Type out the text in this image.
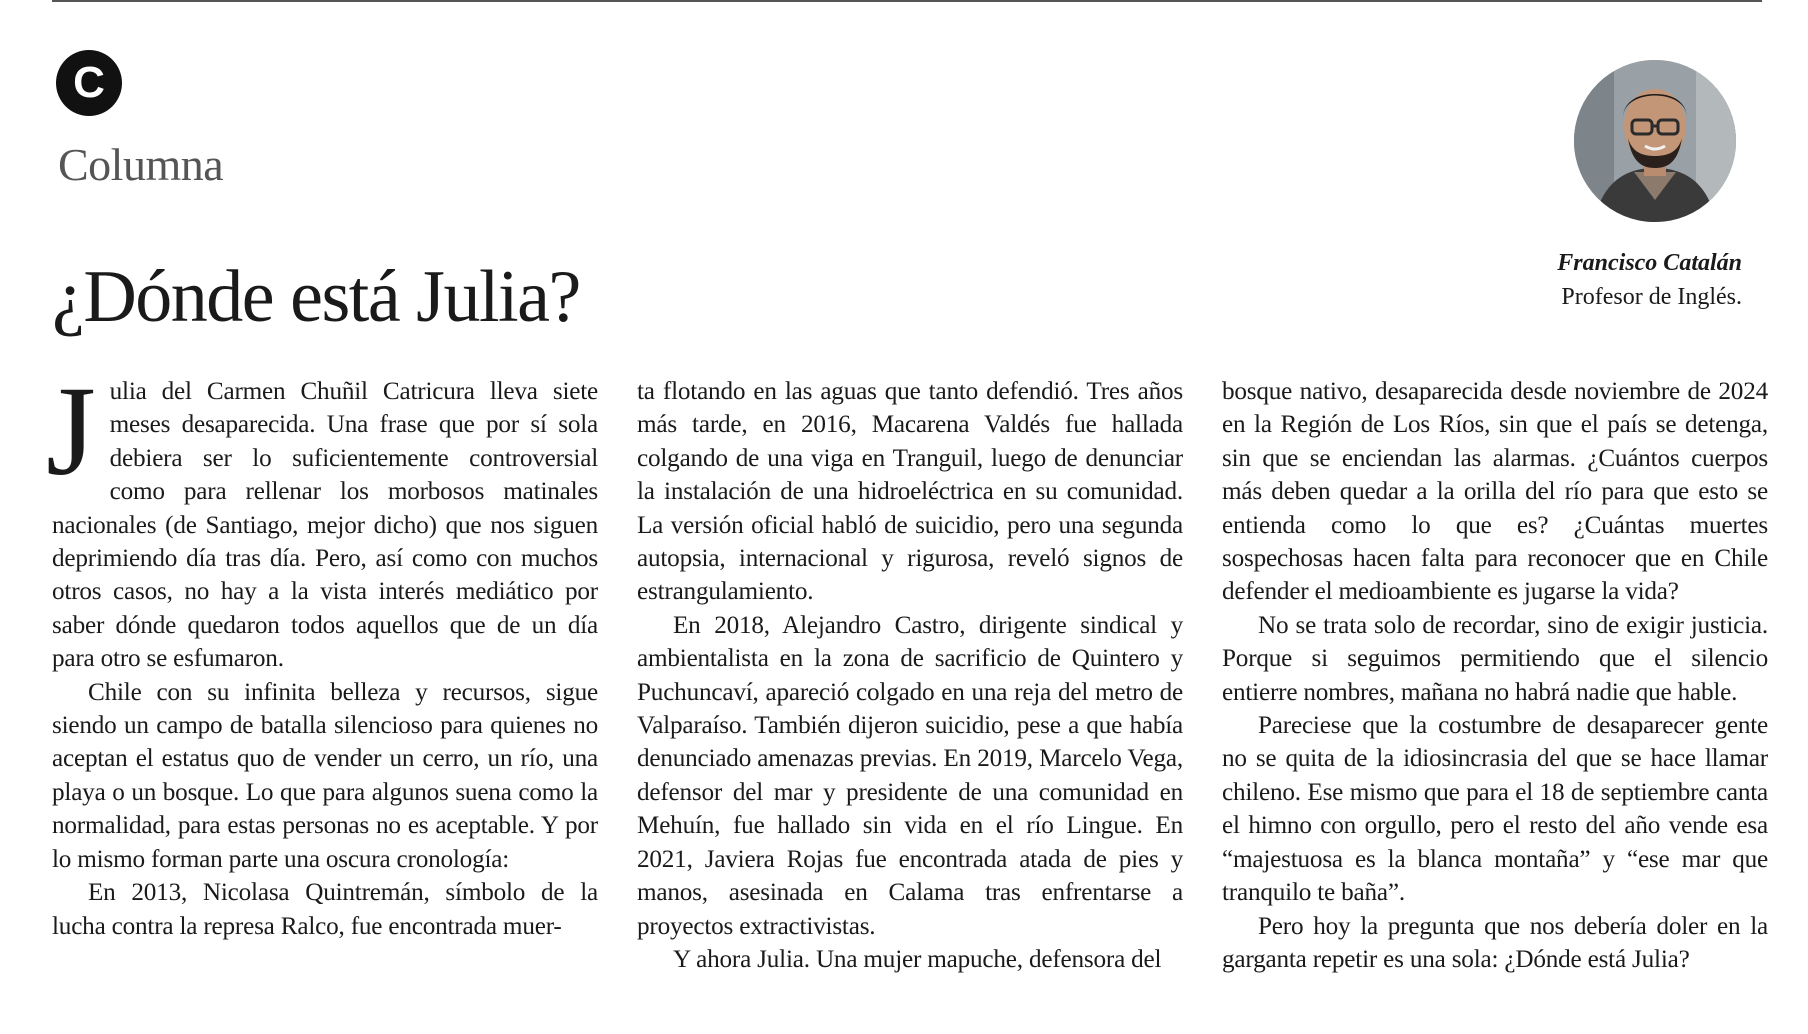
C
Columna
¿Dónde está Julia?	Francisco Catalán
Profesor de Inglés.

Julia del Carmen Chuñil Catricura lleva siete meses desaparecida. Una frase que por sí sola debiera ser lo suficientemente controversial como para rellenar los morbosos matinales nacionales (de Santiago, mejor dicho) que nos siguen deprimiendo día tras día. Pero, así como con muchos otros casos, no hay a la vista interés mediático por saber dónde quedaron todos aquellos que de un día para otro se esfumaron.

Chile con su infinita belleza y recursos, sigue siendo un campo de batalla silencioso para quienes no aceptan el estatus quo de vender un cerro, un río, una playa o un bosque. Lo que para algunos suena como la normalidad, para estas personas no es aceptable. Y por lo mismo forman parte una oscura cronología:

En 2013, Nicolasa Quintremán, símbolo de la lucha contra la represa Ralco, fue encontrada muer-

ta flotando en las aguas que tanto defendió. Tres años más tarde, en 2016, Macarena Valdés fue hallada colgando de una viga en Tranguil, luego de denunciar la instalación de una hidroeléctrica en su comunidad. La versión oficial habló de suicidio, pero una segunda autopsia, internacional y rigurosa, reveló signos de estrangulamiento.

En 2018, Alejandro Castro, dirigente sindical y ambientalista en la zona de sacrificio de Quintero y Puchuncaví, apareció colgado en una reja del metro de Valparaíso. También dijeron suicidio, pese a que había denunciado amenazas previas. En 2019, Marcelo Vega, defensor del mar y presidente de una comunidad en Mehuín, fue hallado sin vida en el río Lingue. En 2021, Javiera Rojas fue encontrada atada de pies y manos, asesinada en Calama tras enfrentarse a proyectos extractivistas.

Y ahora Julia. Una mujer mapuche, defensora del

bosque nativo, desaparecida desde noviembre de 2024 en la Región de Los Ríos, sin que el país se detenga, sin que se enciendan las alarmas. ¿Cuántos cuerpos más deben quedar a la orilla del río para que esto se entienda como lo que es? ¿Cuántas muertes sospechosas hacen falta para reconocer que en Chile defender el medioambiente es jugarse la vida?

No se trata solo de recordar, sino de exigir justicia. Porque si seguimos permitiendo que el silencio entierre nombres, mañana no habrá nadie que hable.

Pareciese que la costumbre de desaparecer gente no se quita de la idiosincrasia del que se hace llamar chileno. Ese mismo que para el 18 de septiembre canta el himno con orgullo, pero el resto del año vende esa “majestuosa es la blanca montaña” y “ese mar que tranquilo te baña”.

Pero hoy la pregunta que nos debería doler en la garganta repetir es una sola: ¿Dónde está Julia?
